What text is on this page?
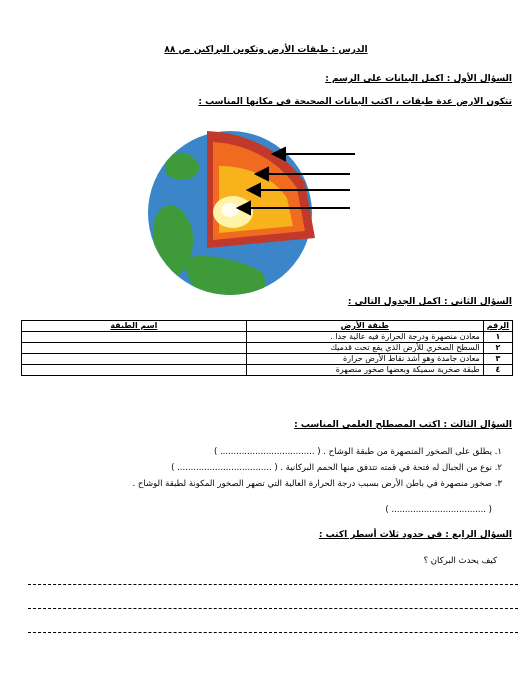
الدرس : طبقات الأرض وتكوين البراكين ص ٨٨
السؤال الأول : اكمل البيانات على الرسم :
تتكون الارض عدة طبقات ، اكتب البيانات الصحيحة في مكانها المناسب :
السؤال الثاني : اكمل الجدول التالي :
الرقم	طبقة الأرض	اسم الطبقة
١	معادن منصهرة ودرجة الحرارة فيه عالية جدا .	
٢	السطح الصخري للأرض الذي يقع تحت قدميك	
٣	معادن جامدة وهو أشد نقاط الأرض حرارة	
٤	طبقة صخرية سميكة وبعضها صخور منصهرة	
السؤال الثالث : اكتب المصطلح العلمي المناسب :
١. يطلق على الصخور المنصهرة من طبقة الوشاح . ( ................................... )
٢. نوع من الجبال له فتحة في قمته تتدفق منها الحمم البركانية . ( ................................... )
٣. صخور منصهرة في باطن الأرض بسبب درجة الحرارة العالية التي تصهر الصخور المكونة لطبقة الوشاح .
( ................................... )
السؤال الرابع : في حدود ثلاث أسطر اكتب :
كيف يحدث البركان ؟
